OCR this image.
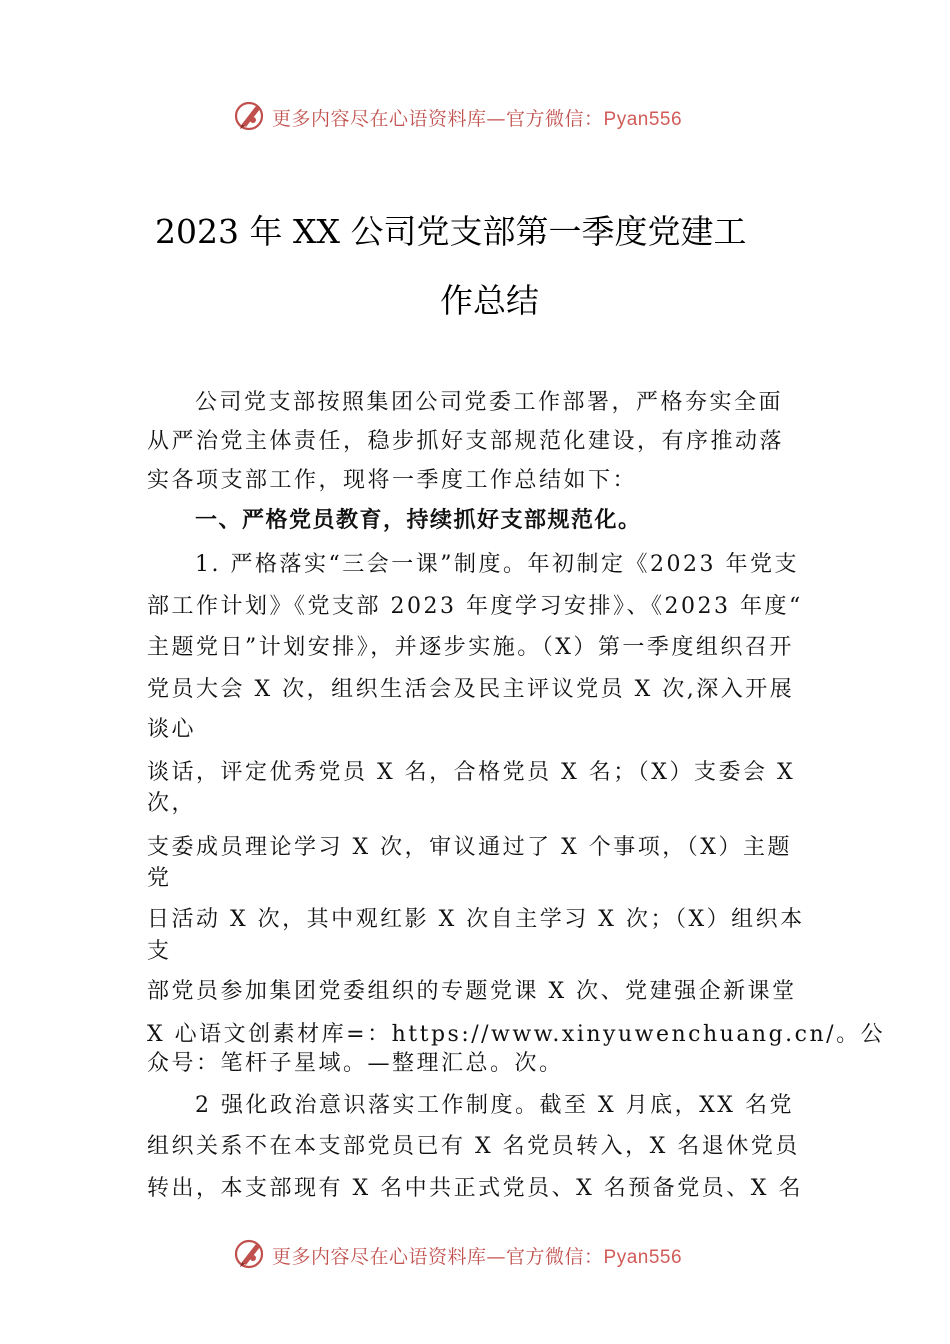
更多内容尽在心语资料库—官方微信：Pyan556
2023 年 XX 公司党支部第一季度党建工
作总结
公司党支部按照集团公司党委工作部署，严格夯实全面
从严治党主体责任，稳步抓好支部规范化建设，有序推动落
实各项支部工作，现将一季度工作总结如下：
一、严格党员教育，持续抓好支部规范化。
1. 严格落实“三会一课”制度。年初制定《2023 年党支
部工作计划》《党支部 2023 年度学习安排》、《2023 年度“
主题党日”计划安排》，并逐步实施。（X）第一季度组织召开
党员大会 X 次，组织生活会及民主评议党员 X 次,深入开展
谈心
谈话，评定优秀党员 X 名，合格党员 X 名；（X）支委会 X
次，
支委成员理论学习 X 次，审议通过了 X 个事项，（X）主题
党
日活动 X 次，其中观红影 X 次自主学习 X 次；（X）组织本
支
部党员参加集团党委组织的专题党课 X 次、党建强企新课堂
X 心语文创素材库=：https://www.xinyuwenchuang.cn/。公
众号：笔杆子星域。—整理汇总。次。
2 强化政治意识落实工作制度。截至 X 月底，XX 名党
组织关系不在本支部党员已有 X 名党员转入，X 名退休党员
转出，本支部现有 X 名中共正式党员、X 名预备党员、X 名
更多内容尽在心语资料库—官方微信：Pyan556
